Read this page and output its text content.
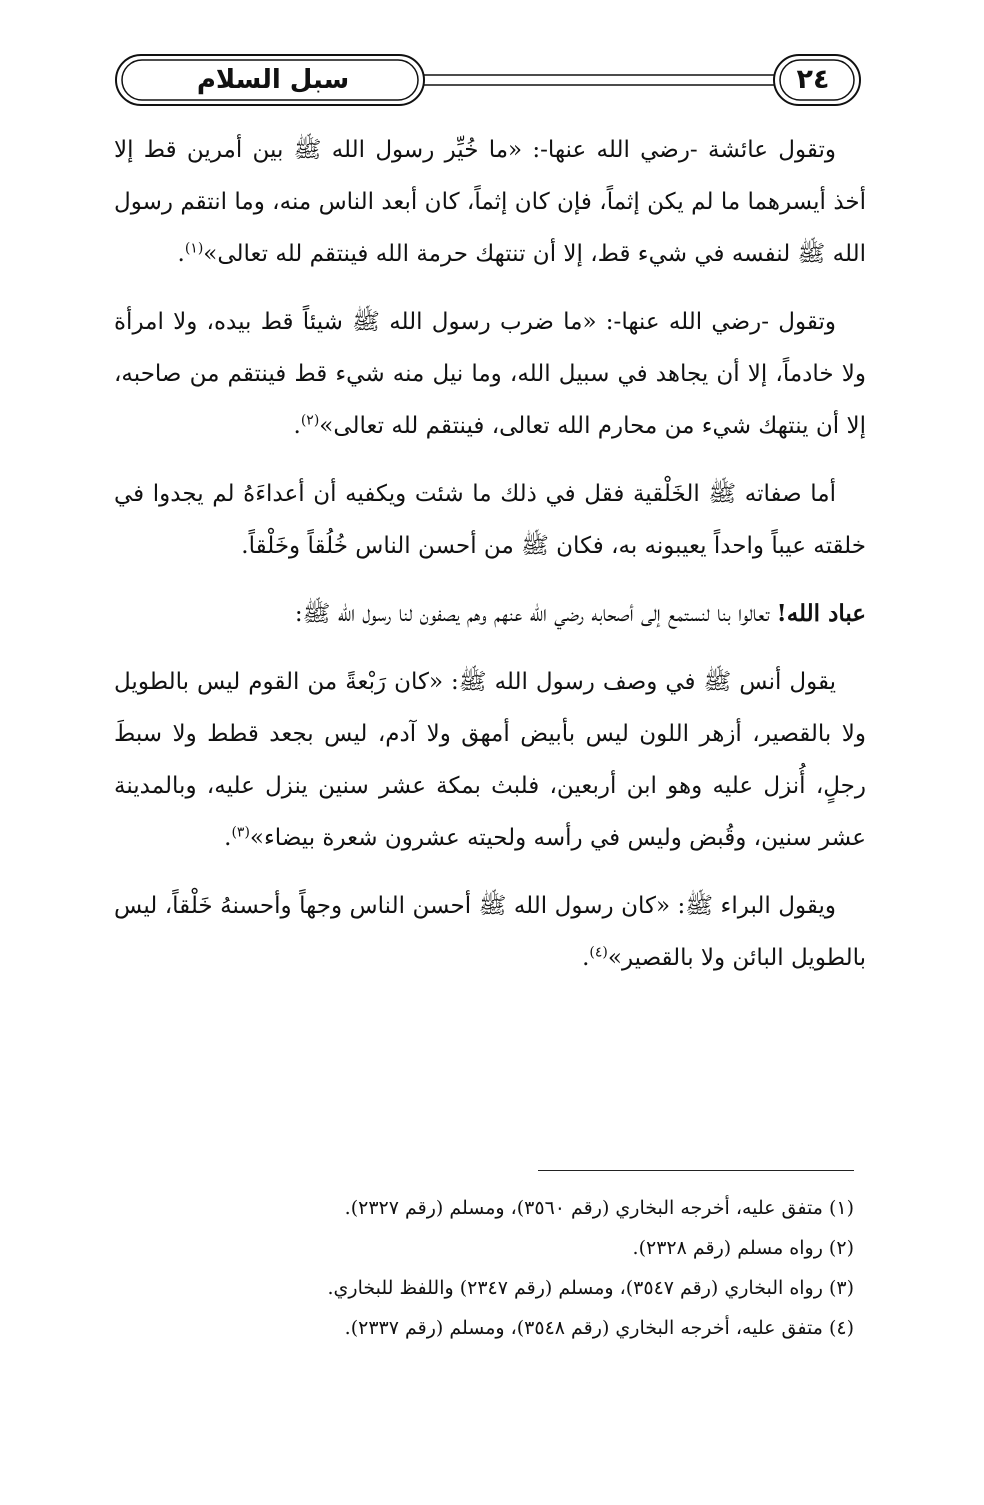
سبل السلام	٢٤

وتقول عائشة -رضي الله عنها-: «ما خُيِّر رسول الله ﷺ بين أمرين قط إلا أخذ أيسرهما ما لم يكن إثماً، فإن كان إثماً، كان أبعد الناس منه، وما انتقم رسول الله ﷺ لنفسه في شيء قط، إلا أن تنتهك حرمة الله فينتقم لله تعالى»$^{(١)}$.

وتقول -رضي الله عنها-: «ما ضرب رسول الله ﷺ شيئاً قط بيده، ولا امرأة ولا خادماً، إلا أن يجاهد في سبيل الله، وما نيل منه شيء قط فينتقم من صاحبه، إلا أن ينتهك شيء من محارم الله تعالى، فينتقم لله تعالى»$^{(٢)}$.

أما صفاته ﷺ الخَلْقية فقل في ذلك ما شئت ويكفيه أن أعداءَهُ لم يجدوا في خلقته عيباً واحداً يعيبونه به، فكان ﷺ من أحسن الناس خُلُقاً وخَلْقاً.

عباد الله! تعالوا بنا لنستمع إلى أصحابه رضي الله عنهم وهم يصفون لنا رسول الله ﷺ:

يقول أنس ﷺ في وصف رسول الله ﷺ: «كان رَبْعةً من القوم ليس بالطويل ولا بالقصير، أزهر اللون ليس بأبيض أمهق ولا آدم، ليس بجعد قطط ولا سبطَ رجلٍ، أُنزل عليه وهو ابن أربعين، فلبث بمكة عشر سنين ينزل عليه، وبالمدينة عشر سنين، وقُبض وليس في رأسه ولحيته عشرون شعرة بيضاء»$^{(٣)}$.

ويقول البراء ﷺ: «كان رسول الله ﷺ أحسن الناس وجهاً وأحسنهُ خَلْقاً، ليس بالطويل البائن ولا بالقصير»$^{(٤)}$.

(١) متفق عليه، أخرجه البخاري (رقم ٣٥٦٠)، ومسلم (رقم ٢٣٢٧).
(٢) رواه مسلم (رقم ٢٣٢٨).
(٣) رواه البخاري (رقم ٣٥٤٧)، ومسلم (رقم ٢٣٤٧) واللفظ للبخاري.
(٤) متفق عليه، أخرجه البخاري (رقم ٣٥٤٨)، ومسلم (رقم ٢٣٣٧).
